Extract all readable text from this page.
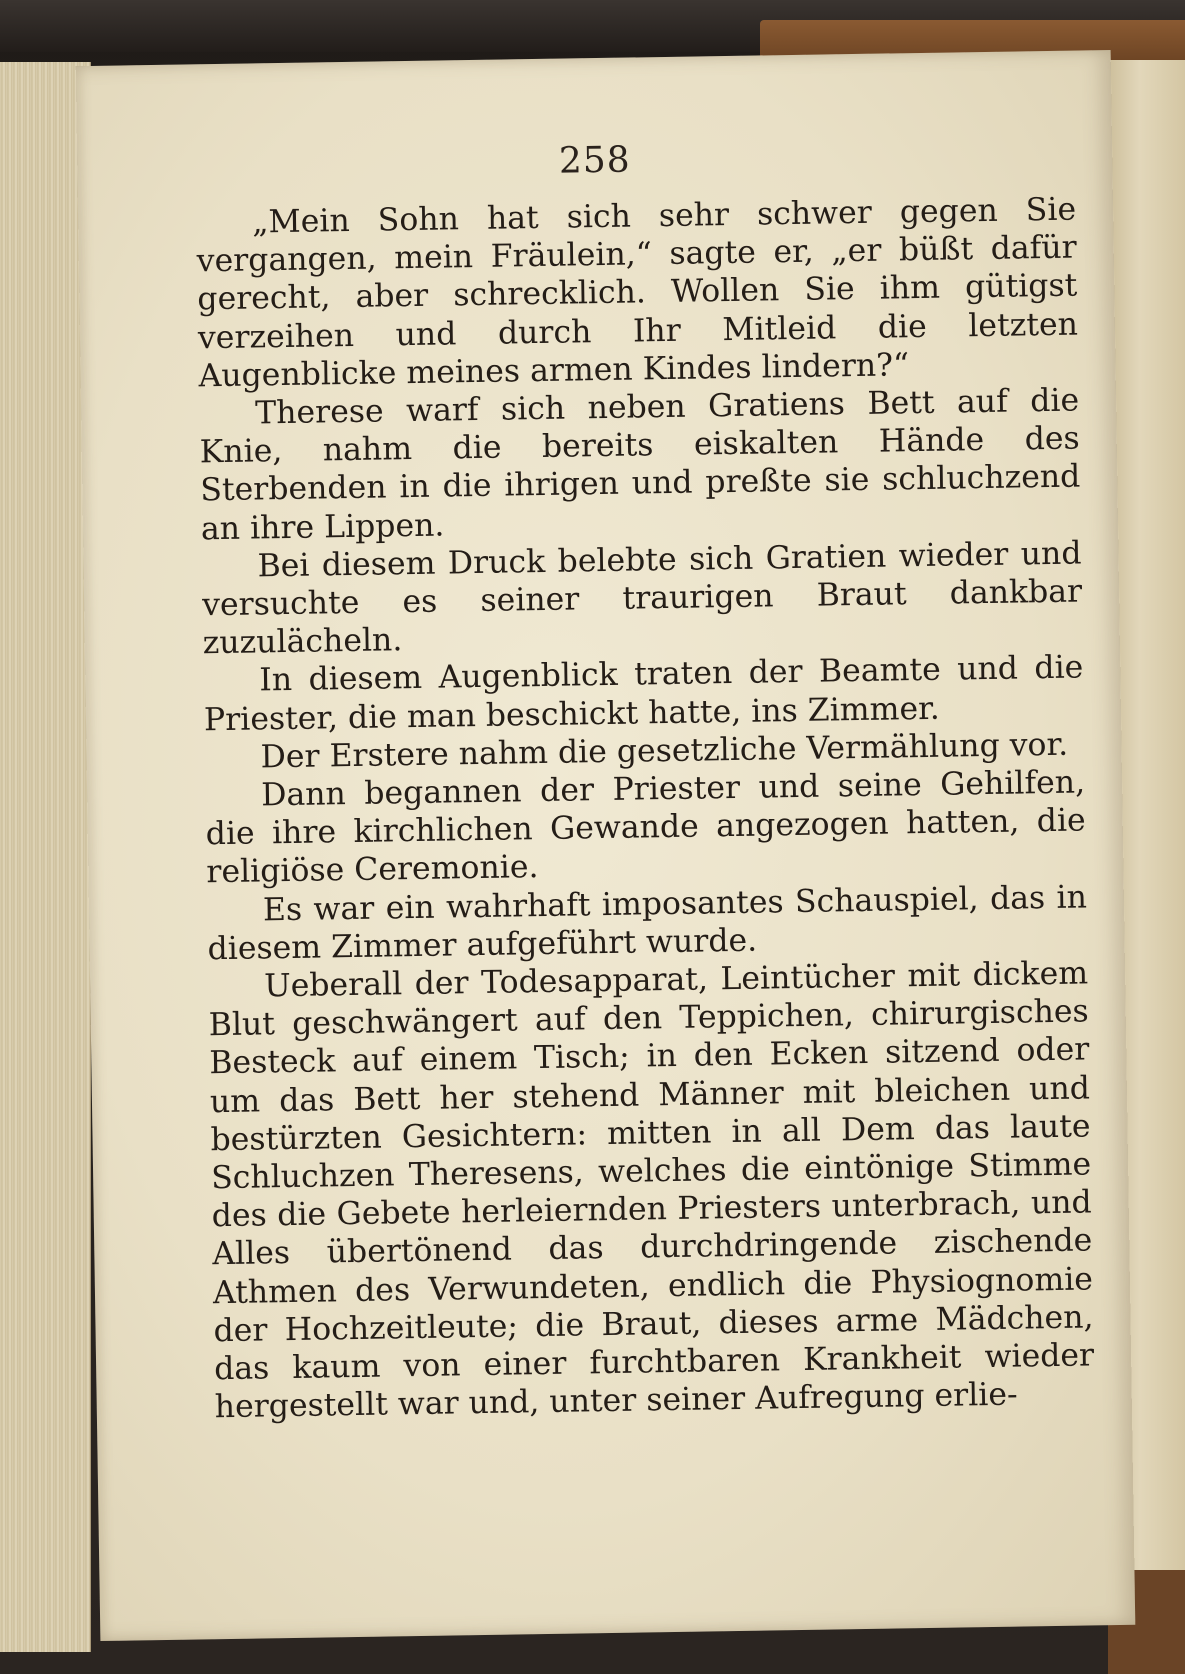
258

„Mein Sohn hat sich sehr schwer gegen Sie vergangen, mein Fräulein,“ sagte er, „er büßt dafür gerecht, aber schrecklich. Wollen Sie ihm gütigst verzeihen und durch Ihr Mitleid die letzten Augenblicke meines armen Kindes lindern?“

Therese warf sich neben Gratiens Bett auf die Knie, nahm die bereits eiskalten Hände des Sterbenden in die ihrigen und preßte sie schluchzend an ihre Lippen.

Bei diesem Druck belebte sich Gratien wieder und versuchte es seiner traurigen Braut dankbar zuzulächeln.

In diesem Augenblick traten der Beamte und die Priester, die man beschickt hatte, ins Zimmer.

Der Erstere nahm die gesetzliche Vermählung vor.

Dann begannen der Priester und seine Gehilfen, die ihre kirchlichen Gewande angezogen hatten, die religiöse Ceremonie.

Es war ein wahrhaft imposantes Schauspiel, das in diesem Zimmer aufgeführt wurde.

Ueberall der Todesapparat, Leintücher mit dickem Blut geschwängert auf den Teppichen, chirurgisches Besteck auf einem Tisch; in den Ecken sitzend oder um das Bett her stehend Männer mit bleichen und bestürzten Gesichtern: mitten in all Dem das laute Schluchzen Theresens, welches die eintönige Stimme des die Gebete herleiernden Priesters unterbrach, und Alles übertönend das durchdringende zischende Athmen des Verwundeten, endlich die Physiognomie der Hochzeitleute; die Braut, dieses arme Mädchen, das kaum von einer furchtbaren Krankheit wieder hergestellt war und, unter seiner Aufregung erlie-
